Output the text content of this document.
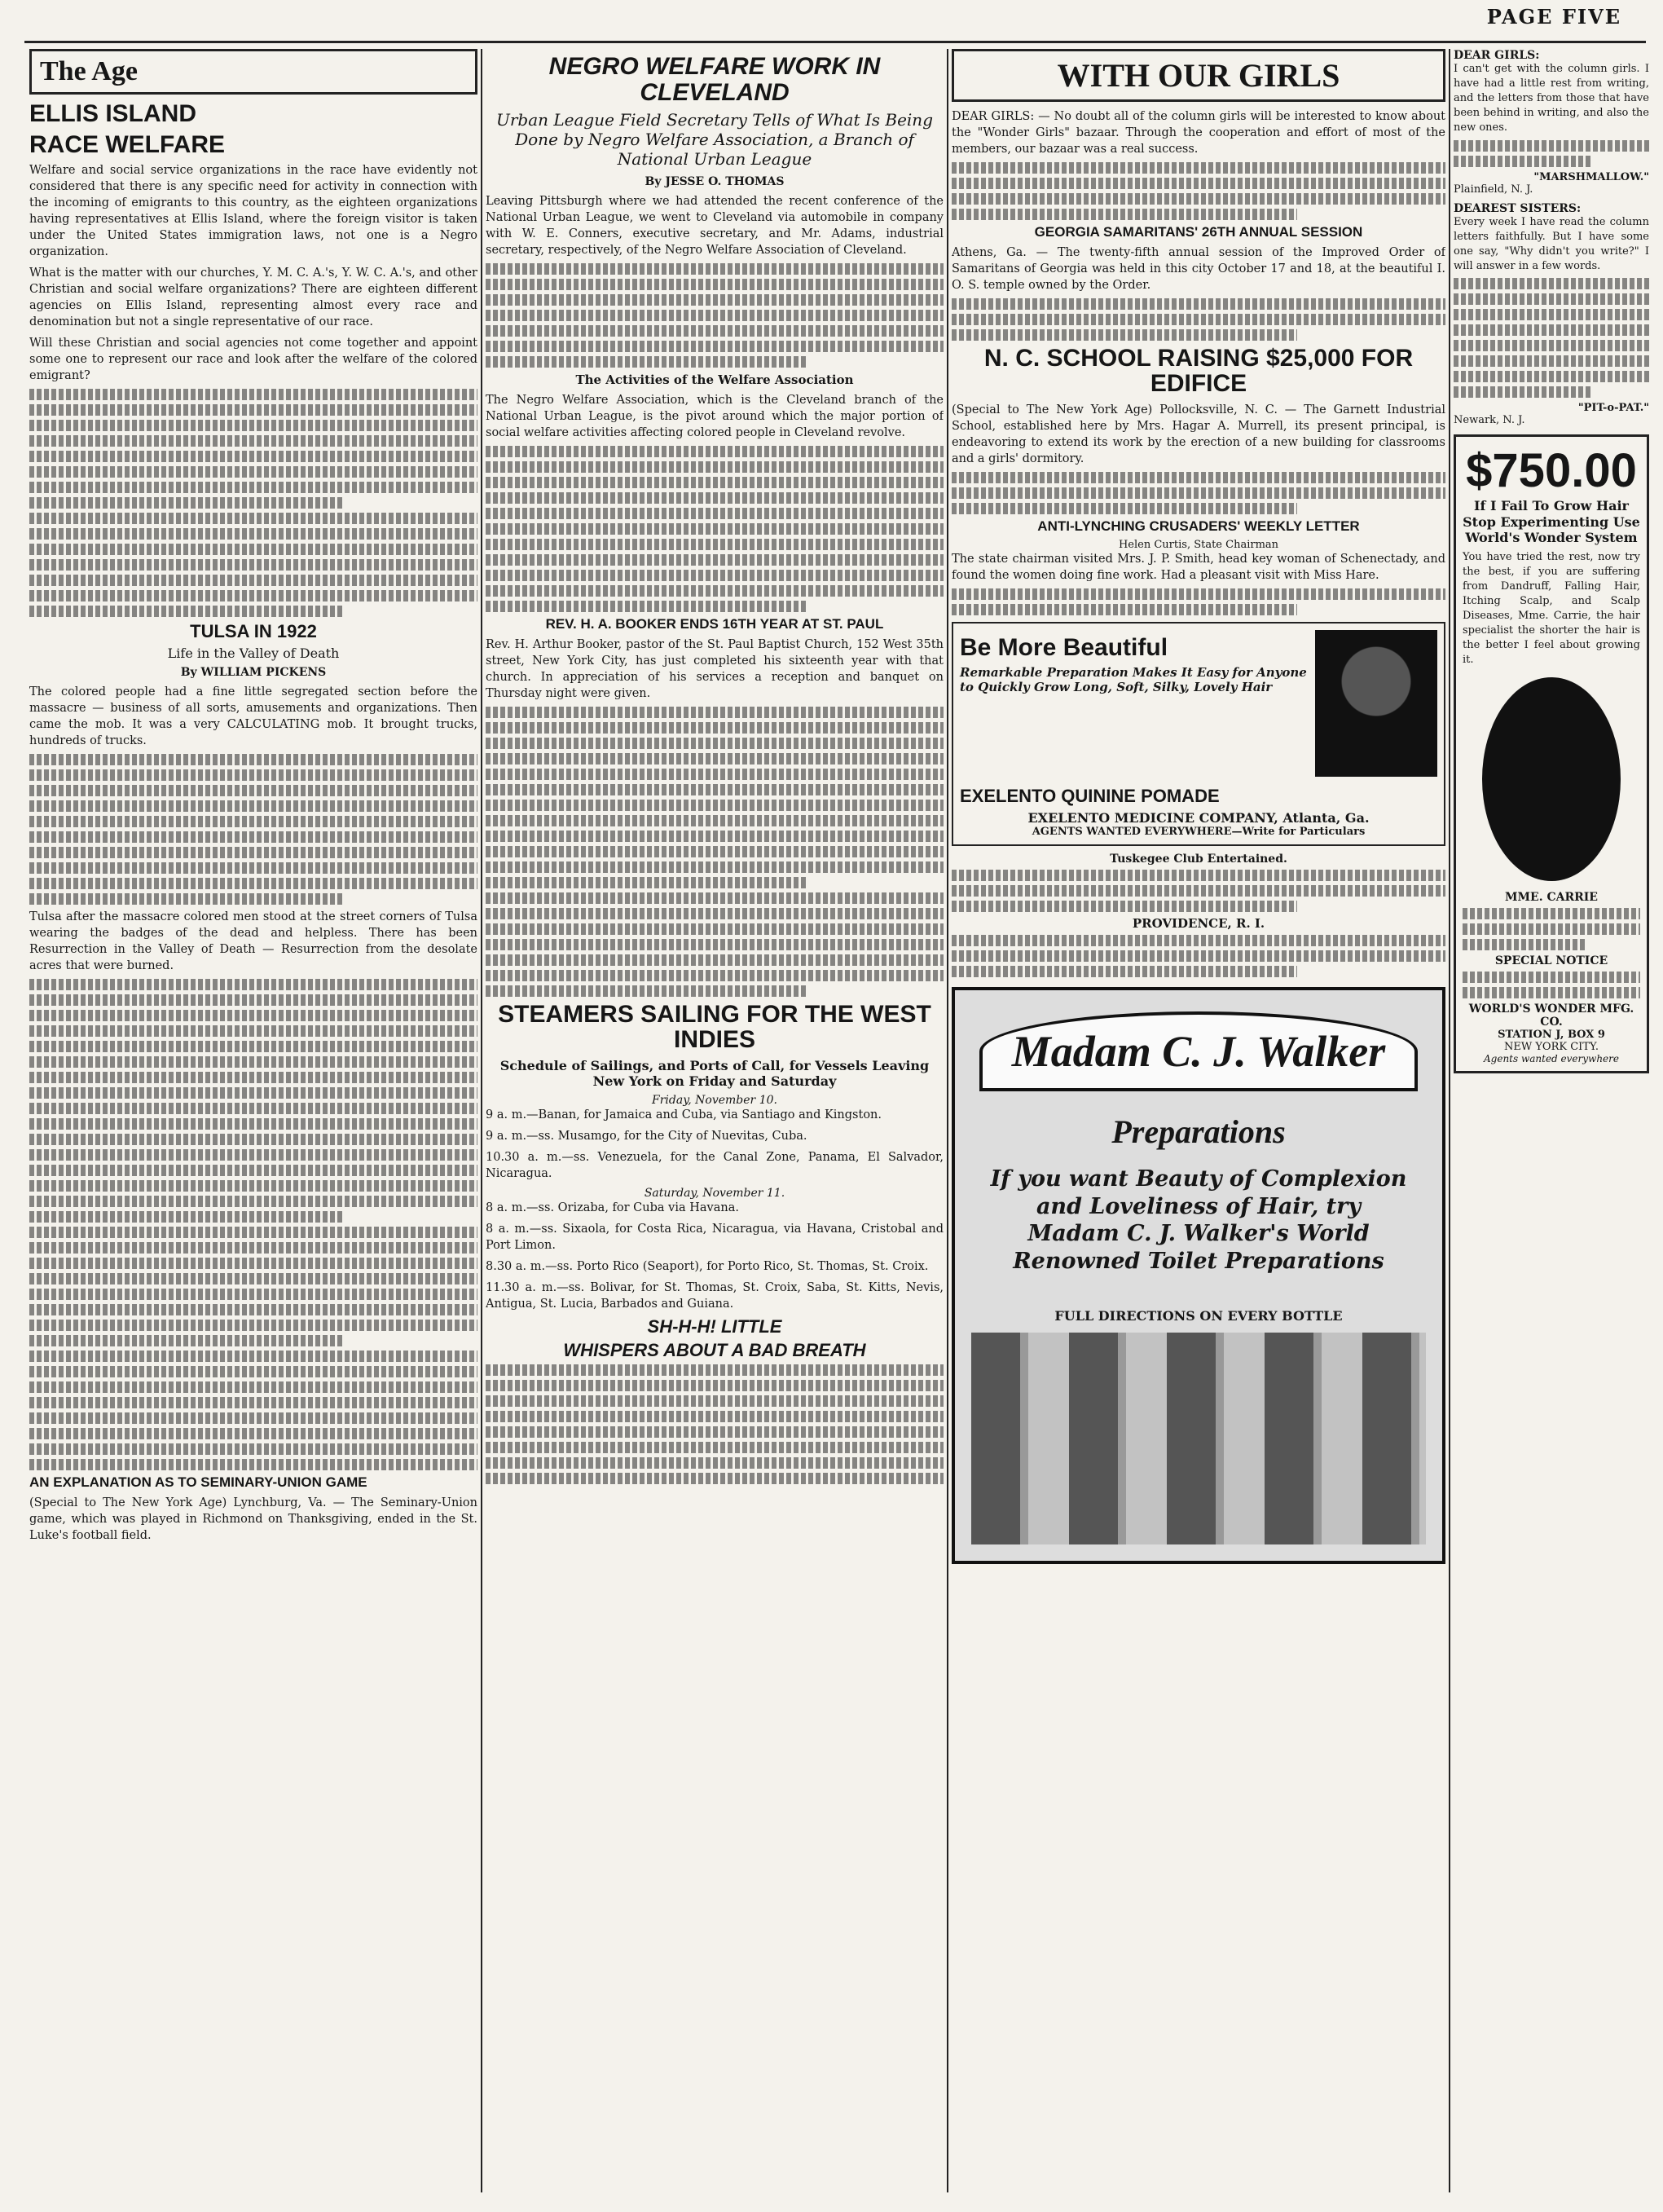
PAGE FIVE
The Age
ELLIS ISLAND
RACE WELFARE

Welfare and social service organizations in the race have evidently not considered that there is any specific need for activity in connection with the incoming of emigrants to this country, as the eighteen organizations having representatives at Ellis Island, where the foreign visitor is taken under the United States immigration laws, not one is a Negro organization.

What is the matter with our churches, Y. M. C. A.'s, Y. W. C. A.'s, and other Christian and social welfare organizations? There are eighteen different agencies on Ellis Island, representing almost every race and denomination but not a single representative of our race.

Will these Christian and social agencies not come together and appoint some one to represent our race and look after the welfare of the colored emigrant?

TULSA IN 1922
Life in the Valley of Death
By WILLIAM PICKENS

The colored people had a fine little segregated section before the massacre — business of all sorts, amusements and organizations. Then came the mob. It was a very CALCULATING mob. It brought trucks, hundreds of trucks.

Tulsa after the massacre colored men stood at the street corners of Tulsa wearing the badges of the dead and helpless. There has been Resurrection in the Valley of Death — Resurrection from the desolate acres that were burned.

AN EXPLANATION AS TO SEMINARY-UNION GAME

(Special to The New York Age) Lynchburg, Va. — The Seminary-Union game, which was played in Richmond on Thanksgiving, ended in the St. Luke's football field.

NEGRO WELFARE WORK IN CLEVELAND
Urban League Field Secretary Tells of What Is Being Done by Negro Welfare Association, a Branch of National Urban League
By JESSE O. THOMAS

Leaving Pittsburgh where we had attended the recent conference of the National Urban League, we went to Cleveland via automobile in company with W. E. Conners, executive secretary, and Mr. Adams, industrial secretary, respectively, of the Negro Welfare Association of Cleveland.

The Activities of the Welfare Association

The Negro Welfare Association, which is the Cleveland branch of the National Urban League, is the pivot around which the major portion of social welfare activities affecting colored people in Cleveland revolve.

REV. H. A. BOOKER ENDS 16TH YEAR AT ST. PAUL

Rev. H. Arthur Booker, pastor of the St. Paul Baptist Church, 152 West 35th street, New York City, has just completed his sixteenth year with that church. In appreciation of his services a reception and banquet on Thursday night were given.

STEAMERS SAILING FOR THE WEST INDIES
Schedule of Sailings, and Ports of Call, for Vessels Leaving New York on Friday and Saturday
Friday, November 10.

9 a. m.—Banan, for Jamaica and Cuba, via Santiago and Kingston.

9 a. m.—ss. Musamgo, for the City of Nuevitas, Cuba.

10.30 a. m.—ss. Venezuela, for the Canal Zone, Panama, El Salvador, Nicaragua.

Saturday, November 11.

8 a. m.—ss. Orizaba, for Cuba via Havana.

8 a. m.—ss. Sixaola, for Costa Rica, Nicaragua, via Havana, Cristobal and Port Limon.

8.30 a. m.—ss. Porto Rico (Seaport), for Porto Rico, St. Thomas, St. Croix.

11.30 a. m.—ss. Bolivar, for St. Thomas, St. Croix, Saba, St. Kitts, Nevis, Antigua, St. Lucia, Barbados and Guiana.

SH-H-H! LITTLE
WHISPERS ABOUT A BAD BREATH
WITH OUR GIRLS

DEAR GIRLS: — No doubt all of the column girls will be interested to know about the "Wonder Girls" bazaar. Through the cooperation and effort of most of the members, our bazaar was a real success.

GEORGIA SAMARITANS' 26TH ANNUAL SESSION

Athens, Ga. — The twenty-fifth annual session of the Improved Order of Samaritans of Georgia was held in this city October 17 and 18, at the beautiful I. O. S. temple owned by the Order.

N. C. SCHOOL RAISING $25,000 FOR EDIFICE

(Special to The New York Age) Pollocksville, N. C. — The Garnett Industrial School, established here by Mrs. Hagar A. Murrell, its present principal, is endeavoring to extend its work by the erection of a new building for classrooms and a girls' dormitory.

ANTI-LYNCHING CRUSADERS' WEEKLY LETTER
Helen Curtis, State Chairman

The state chairman visited Mrs. J. P. Smith, head key woman of Schenectady, and found the women doing fine work. Had a pleasant visit with Miss Hare.

Be More Beautiful
Remarkable Preparation Makes It Easy for Anyone to Quickly Grow Long, Soft, Silky, Lovely Hair
EXELENTO QUININE POMADE
EXELENTO MEDICINE COMPANY, Atlanta, Ga.
AGENTS WANTED EVERYWHERE—Write for Particulars
Tuskegee Club Entertained.
PROVIDENCE, R. I.
Madam C. J. Walker
Preparations
If you want Beauty of Complexion and Loveliness of Hair, try Madam C. J. Walker's World Renowned Toilet Preparations
FULL DIRECTIONS ON EVERY BOTTLE
DEAR GIRLS:

I can't get with the column girls. I have had a little rest from writing, and the letters from those that have been behind in writing, and also the new ones.

"MARSHMALLOW."
Plainfield, N. J.
DEAREST SISTERS:

Every week I have read the column letters faithfully. But I have some one say, "Why didn't you write?" I will answer in a few words.

"PIT-o-PAT."
Newark, N. J.
$750.00
If I Fail To Grow Hair Stop Experimenting Use World's Wonder System

You have tried the rest, now try the best, if you are suffering from Dandruff, Falling Hair, Itching Scalp, and Scalp Diseases, Mme. Carrie, the hair specialist the shorter the hair is the better I feel about growing it.

MME. CARRIE
SPECIAL NOTICE
WORLD'S WONDER MFG. CO.
STATION J, BOX 9
NEW YORK CITY.
Agents wanted everywhere
